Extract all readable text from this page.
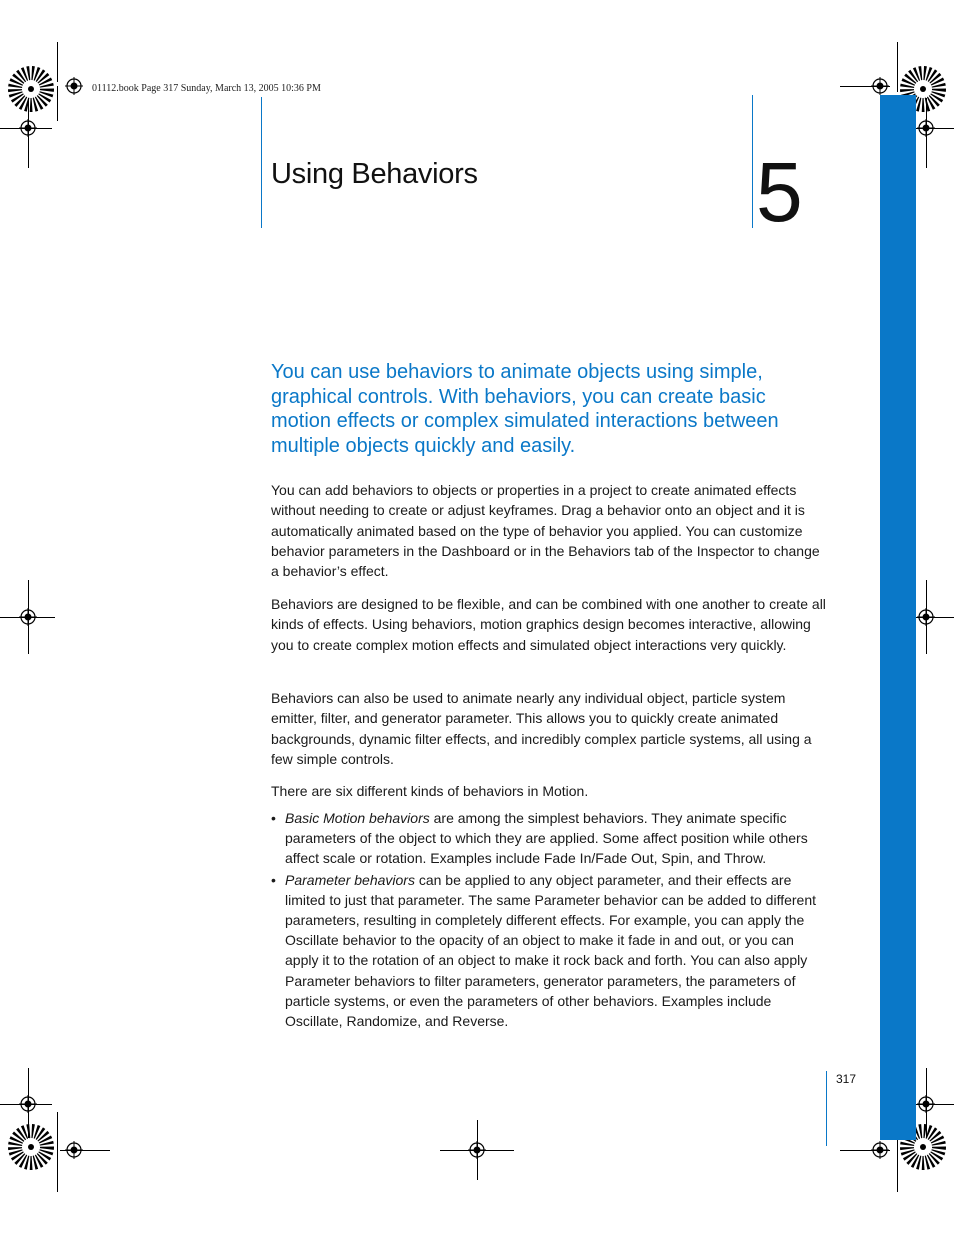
01112.book Page 317 Sunday, March 13, 2005 10:36 PM
Using Behaviors	5

You can use behaviors to animate objects using simple, graphical controls. With behaviors, you can create basic motion effects or complex simulated interactions between multiple objects quickly and easily.

You can add behaviors to objects or properties in a project to create animated effects without needing to create or adjust keyframes. Drag a behavior onto an object and it is automatically animated based on the type of behavior you applied. You can customize behavior parameters in the Dashboard or in the Behaviors tab of the Inspector to change a behavior’s effect.

Behaviors are designed to be flexible, and can be combined with one another to create all kinds of effects. Using behaviors, motion graphics design becomes interactive, allowing you to create complex motion effects and simulated object interactions very quickly.

Behaviors can also be used to animate nearly any individual object, particle system emitter, filter, and generator parameter. This allows you to quickly create animated backgrounds, dynamic filter effects, and incredibly complex particle systems, all using a few simple controls.

There are six different kinds of behaviors in Motion.

• Basic Motion behaviors are among the simplest behaviors. They animate specific parameters of the object to which they are applied. Some affect position while others affect scale or rotation. Examples include Fade In/Fade Out, Spin, and Throw.
• Parameter behaviors can be applied to any object parameter, and their effects are limited to just that parameter. The same Parameter behavior can be added to different parameters, resulting in completely different effects. For example, you can apply the Oscillate behavior to the opacity of an object to make it fade in and out, or you can apply it to the rotation of an object to make it rock back and forth. You can also apply Parameter behaviors to filter parameters, generator parameters, the parameters of particle systems, or even the parameters of other behaviors. Examples include Oscillate, Randomize, and Reverse.
317
